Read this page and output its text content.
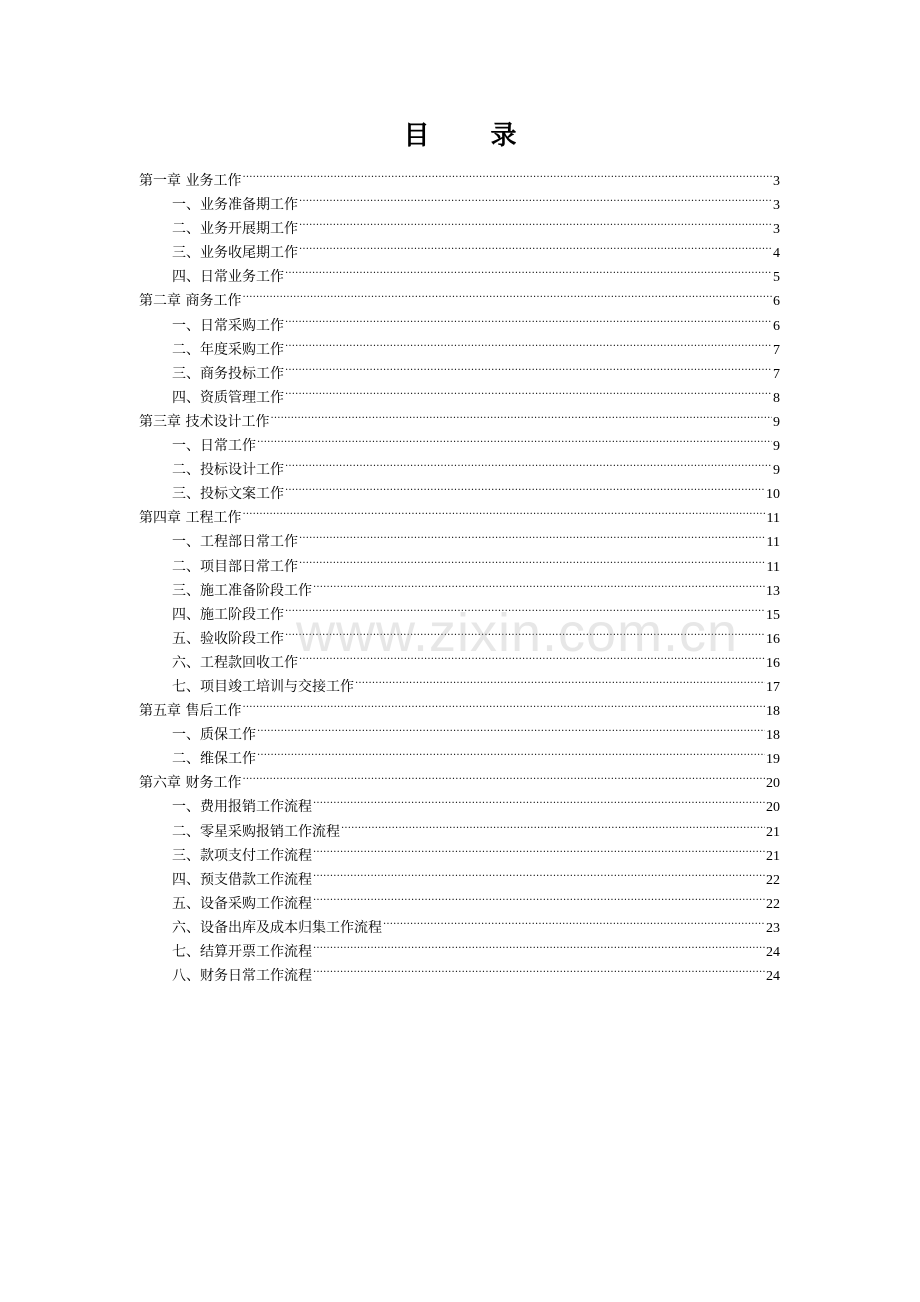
目 录
第一章 业务工作 .....	3
一、业务准备期工作 .....	3
二、业务开展期工作 .....	3
三、业务收尾期工作 .....	4
四、日常业务工作 .....	5
第二章 商务工作 .....	6
一、日常采购工作 .....	6
二、年度采购工作 .....	7
三、商务投标工作 .....	7
四、资质管理工作 .....	8
第三章 技术设计工作 .....	9
一、日常工作 .....	9
二、投标设计工作 .....	9
三、投标文案工作 .....	10
第四章 工程工作 .....	11
一、工程部日常工作 .....	11
二、项目部日常工作 .....	11
三、施工准备阶段工作 .....	13
四、施工阶段工作 .....	15
五、验收阶段工作 .....	16
六、工程款回收工作 .....	16
七、项目竣工培训与交接工作 .....	17
第五章 售后工作 .....	18
一、质保工作 .....	18
二、维保工作 .....	19
第六章 财务工作 .....	20
一、费用报销工作流程 .....	20
二、零星采购报销工作流程 .....	21
三、款项支付工作流程 .....	21
四、预支借款工作流程 .....	22
五、设备采购工作流程 .....	22
六、设备出库及成本归集工作流程 .....	23
七、结算开票工作流程 .....	24
八、财务日常工作流程 .....	24
www.zixin.com.cn
